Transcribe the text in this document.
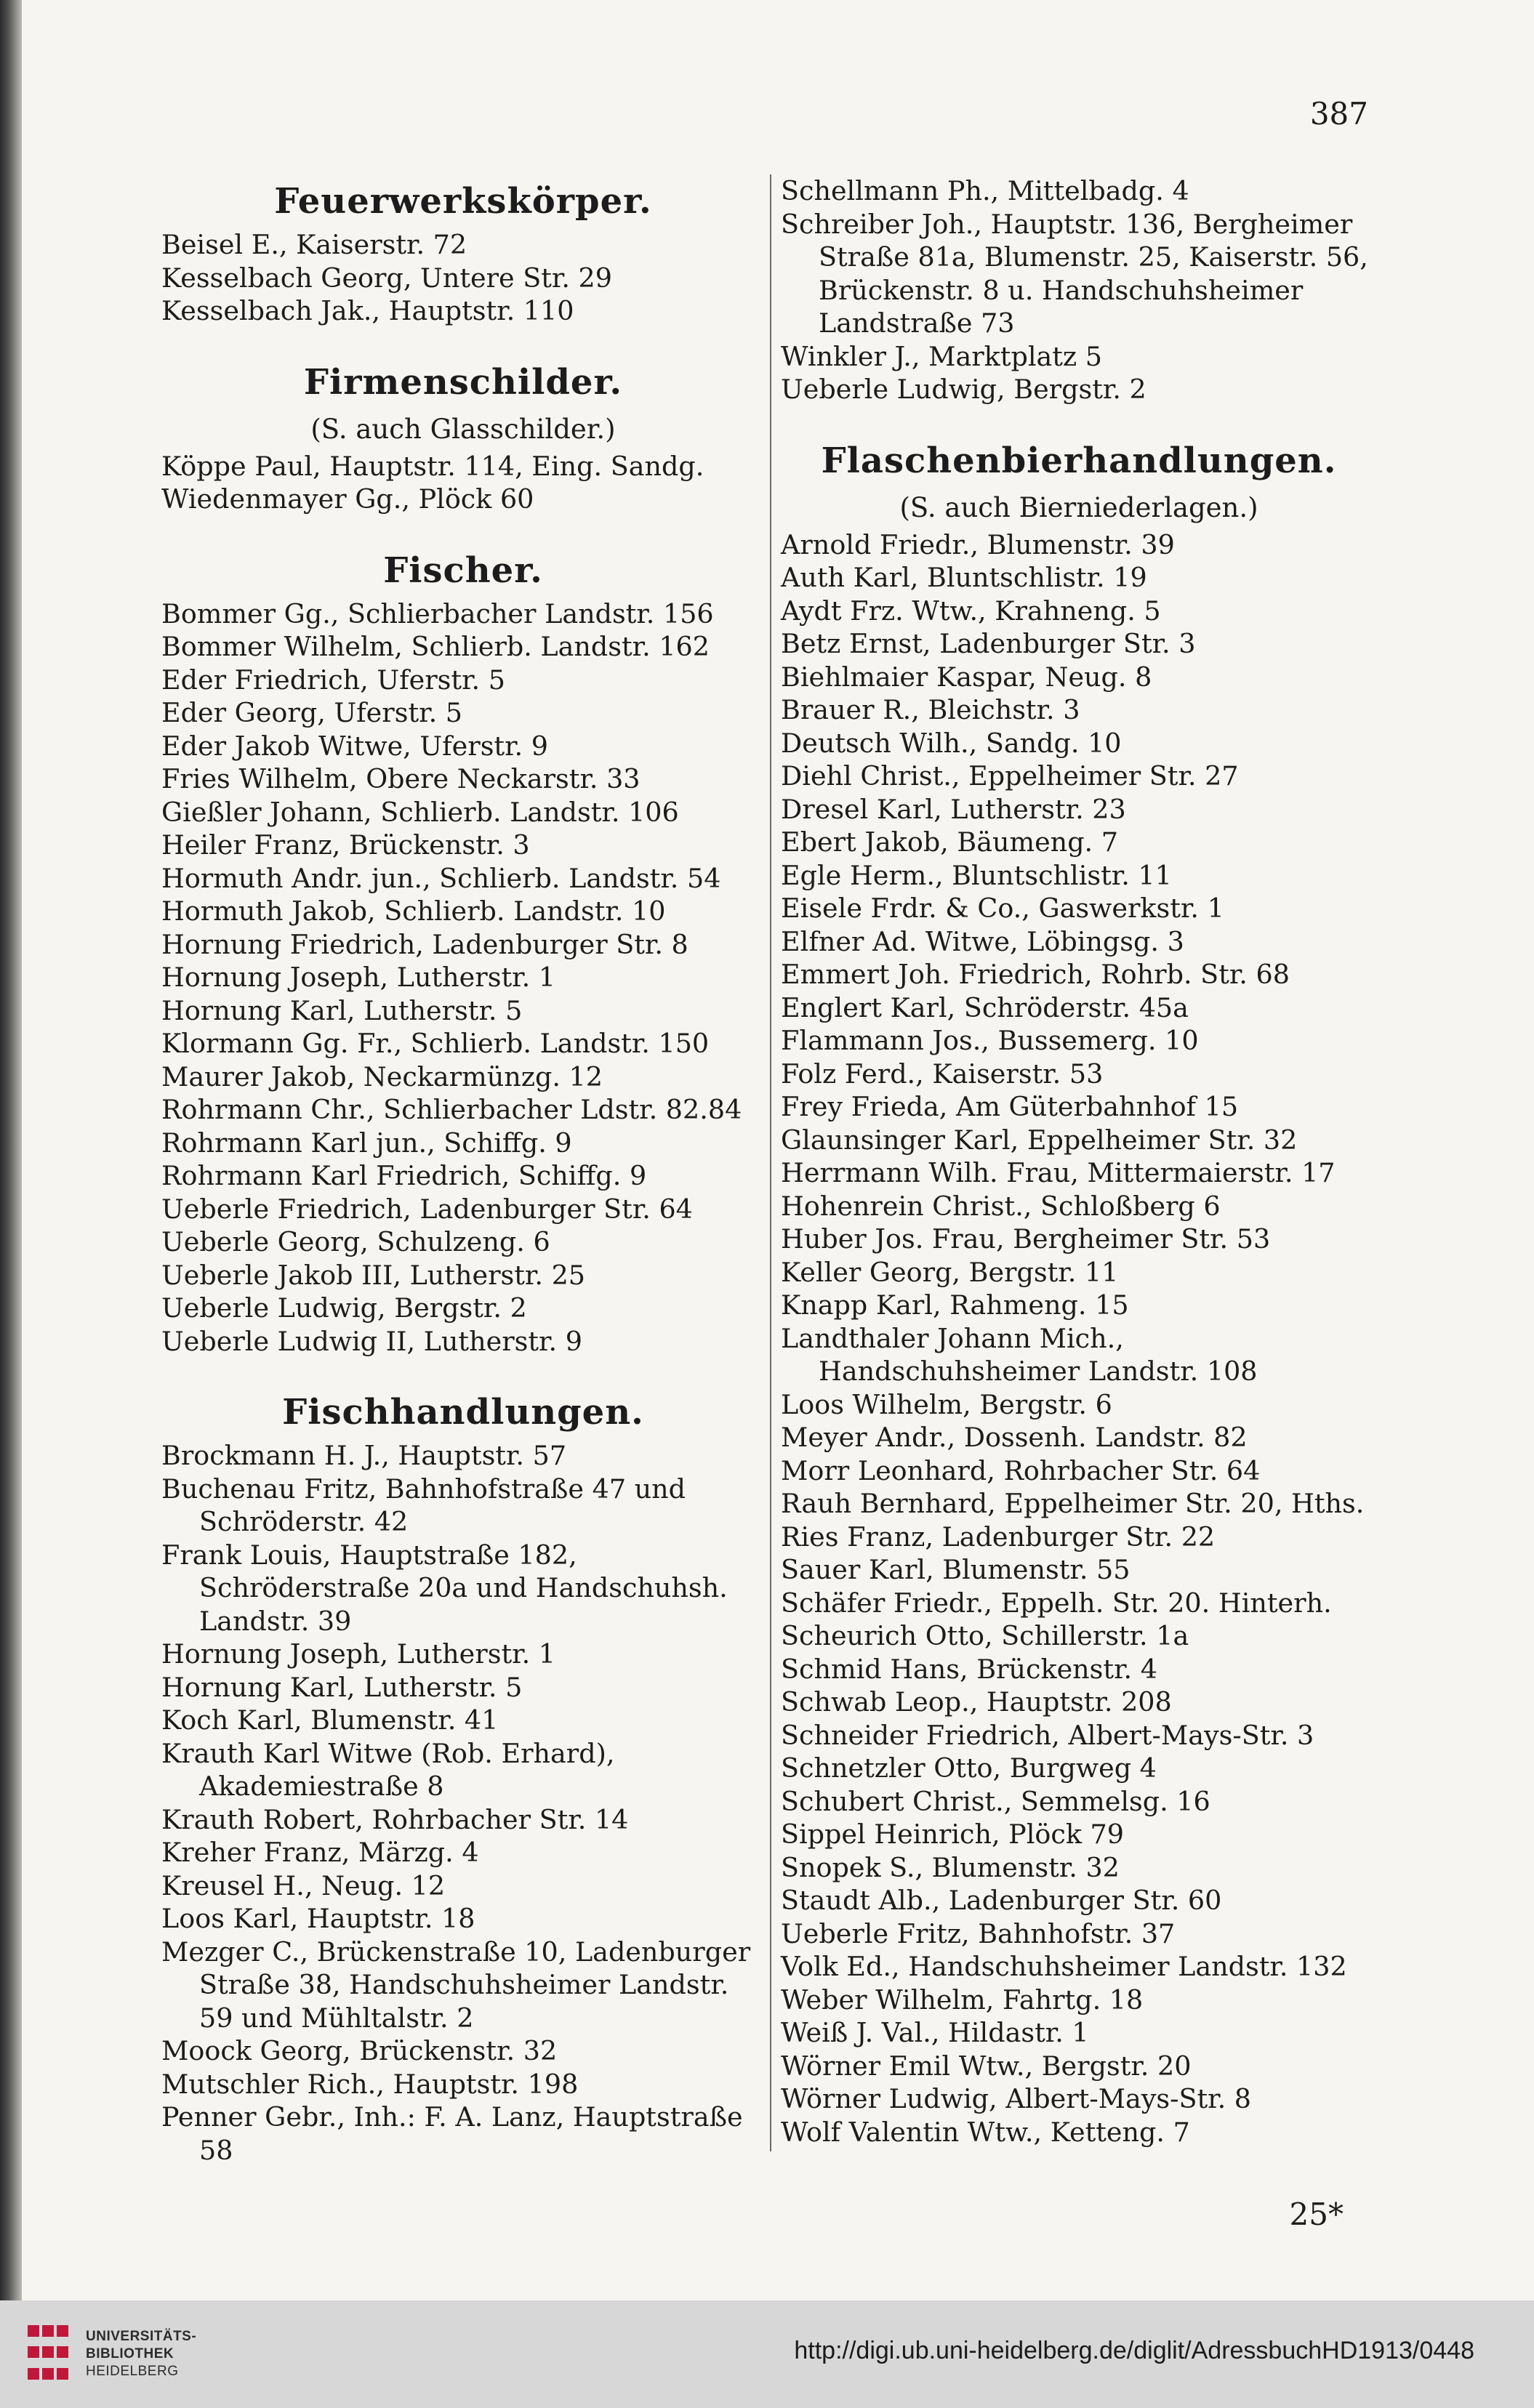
387
Feuerwerkskörper.
Beisel E., Kaiserstr. 72
Kesselbach Georg, Untere Str. 29
Kesselbach Jak., Hauptstr. 110
Firmenschilder.
(S. auch Glasschilder.)
Köppe Paul, Hauptstr. 114, Eing. Sandg.
Wiedenmayer Gg., Plöck 60
Fischer.
Bommer Gg., Schlierbacher Landstr. 156
Bommer Wilhelm, Schlierb. Landstr. 162
Eder Friedrich, Uferstr. 5
Eder Georg, Uferstr. 5
Eder Jakob Witwe, Uferstr. 9
Fries Wilhelm, Obere Neckarstr. 33
Gießler Johann, Schlierb. Landstr. 106
Heiler Franz, Brückenstr. 3
Hormuth Andr. jun., Schlierb. Landstr. 54
Hormuth Jakob, Schlierb. Landstr. 10
Hornung Friedrich, Ladenburger Str. 8
Hornung Joseph, Lutherstr. 1
Hornung Karl, Lutherstr. 5
Klormann Gg. Fr., Schlierb. Landstr. 150
Maurer Jakob, Neckarmünzg. 12
Rohrmann Chr., Schlierbacher Ldstr. 82.84
Rohrmann Karl jun., Schiffg. 9
Rohrmann Karl Friedrich, Schiffg. 9
Ueberle Friedrich, Ladenburger Str. 64
Ueberle Georg, Schulzeng. 6
Ueberle Jakob III, Lutherstr. 25
Ueberle Ludwig, Bergstr. 2
Ueberle Ludwig II, Lutherstr. 9
Fischhandlungen.
Brockmann H. J., Hauptstr. 57
Buchenau Fritz, Bahnhofstraße 47 und Schröderstr. 42
Frank Louis, Hauptstraße 182, Schröderstraße 20a und Handschuhsh. Landstr. 39
Hornung Joseph, Lutherstr. 1
Hornung Karl, Lutherstr. 5
Koch Karl, Blumenstr. 41
Krauth Karl Witwe (Rob. Erhard), Akademiestraße 8
Krauth Robert, Rohrbacher Str. 14
Kreher Franz, Märzg. 4
Kreusel H., Neug. 12
Loos Karl, Hauptstr. 18
Mezger C., Brückenstraße 10, Ladenburger Straße 38, Handschuhsheimer Landstr. 59 und Mühltalstr. 2
Moock Georg, Brückenstr. 32
Mutschler Rich., Hauptstr. 198
Penner Gebr., Inh.: F. A. Lanz, Hauptstraße 58
Schellmann Ph., Mittelbadg. 4
Schreiber Joh., Hauptstr. 136, Bergheimer Straße 81a, Blumenstr. 25, Kaiserstr. 56, Brückenstr. 8 u. Handschuhsheimer Landstraße 73
Winkler J., Marktplatz 5
Ueberle Ludwig, Bergstr. 2
Flaschenbierhandlungen.
(S. auch Bierniederlagen.)
Arnold Friedr., Blumenstr. 39
Auth Karl, Bluntschlistr. 19
Aydt Frz. Wtw., Krahneng. 5
Betz Ernst, Ladenburger Str. 3
Biehlmaier Kaspar, Neug. 8
Brauer R., Bleichstr. 3
Deutsch Wilh., Sandg. 10
Diehl Christ., Eppelheimer Str. 27
Dresel Karl, Lutherstr. 23
Ebert Jakob, Bäumeng. 7
Egle Herm., Bluntschlistr. 11
Eisele Frdr. & Co., Gaswerkstr. 1
Elfner Ad. Witwe, Löbingsg. 3
Emmert Joh. Friedrich, Rohrb. Str. 68
Englert Karl, Schröderstr. 45a
Flammann Jos., Bussemerg. 10
Folz Ferd., Kaiserstr. 53
Frey Frieda, Am Güterbahnhof 15
Glaunsinger Karl, Eppelheimer Str. 32
Herrmann Wilh. Frau, Mittermaierstr. 17
Hohenrein Christ., Schloßberg 6
Huber Jos. Frau, Bergheimer Str. 53
Keller Georg, Bergstr. 11
Knapp Karl, Rahmeng. 15
Landthaler Johann Mich., Handschuhsheimer Landstr. 108
Loos Wilhelm, Bergstr. 6
Meyer Andr., Dossenh. Landstr. 82
Morr Leonhard, Rohrbacher Str. 64
Rauh Bernhard, Eppelheimer Str. 20, Hths.
Ries Franz, Ladenburger Str. 22
Sauer Karl, Blumenstr. 55
Schäfer Friedr., Eppelh. Str. 20. Hinterh.
Scheurich Otto, Schillerstr. 1a
Schmid Hans, Brückenstr. 4
Schwab Leop., Hauptstr. 208
Schneider Friedrich, Albert-Mays-Str. 3
Schnetzler Otto, Burgweg 4
Schubert Christ., Semmelsg. 16
Sippel Heinrich, Plöck 79
Snopek S., Blumenstr. 32
Staudt Alb., Ladenburger Str. 60
Ueberle Fritz, Bahnhofstr. 37
Volk Ed., Handschuhsheimer Landstr. 132
Weber Wilhelm, Fahrtg. 18
Weiß J. Val., Hildastr. 1
Wörner Emil Wtw., Bergstr. 20
Wörner Ludwig, Albert-Mays-Str. 8
Wolf Valentin Wtw., Ketteng. 7
25*
UNIVERSITÄTS-
BIBLIOTHEK
HEIDELBERG
http://digi.ub.uni-heidelberg.de/diglit/AdressbuchHD1913/0448
